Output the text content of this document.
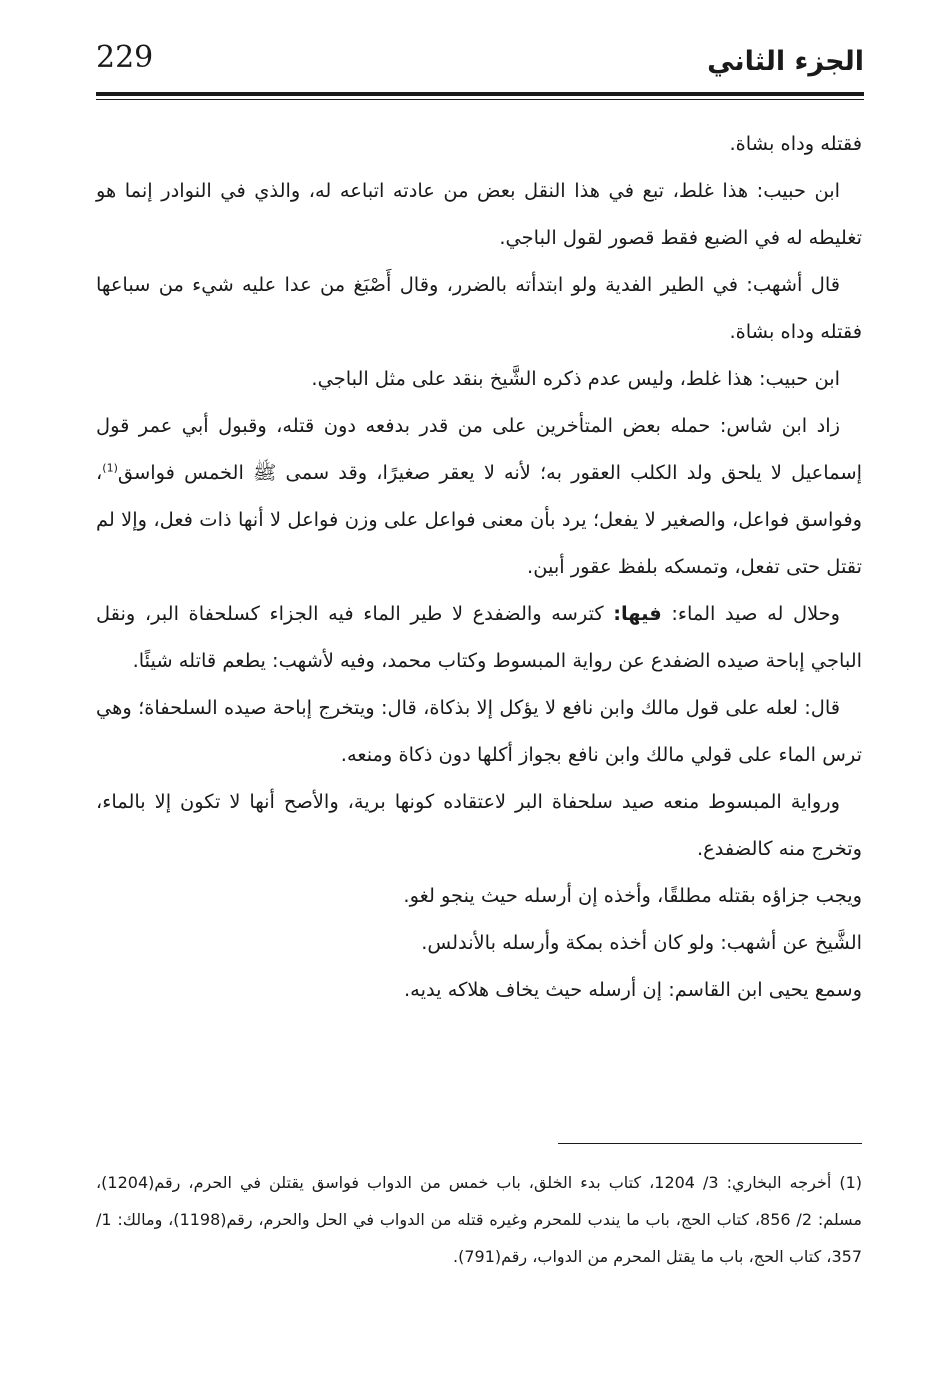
229	الجزء الثاني

فقتله وداه بشاة.

ابن حبيب: هذا غلط، تبع في هذا النقل بعض من عادته اتباعه له، والذي في النوادر إنما هو تغليطه له في الضبع فقط قصور لقول الباجي.

قال أشهب: في الطير الفدية ولو ابتدأته بالضرر، وقال أَصْبَغ من عدا عليه شيء من سباعها فقتله وداه بشاة.

ابن حبيب: هذا غلط، وليس عدم ذكره الشَّيخ بنقد على مثل الباجي.

زاد ابن شاس: حمله بعض المتأخرين على من قدر بدفعه دون قتله، وقبول أبي عمر قول إسماعيل لا يلحق ولد الكلب العقور به؛ لأنه لا يعقر صغيرًا، وقد سمى ﷺ الخمس فواسق$^{(1)}$، وفواسق فواعل، والصغير لا يفعل؛ يرد بأن معنى فواعل على وزن فواعل لا أنها ذات فعل، وإلا لم تقتل حتى تفعل، وتمسكه بلفظ عقور أبين.

وحلال له صيد الماء: فيها: كترسه والضفدع لا طير الماء فيه الجزاء كسلحفاة البر، ونقل الباجي إباحة صيده الضفدع عن رواية المبسوط وكتاب محمد، وفيه لأشهب: يطعم قاتله شيئًا.

قال: لعله على قول مالك وابن نافع لا يؤكل إلا بذكاة، قال: ويتخرج إباحة صيده السلحفاة؛ وهي ترس الماء على قولي مالك وابن نافع بجواز أكلها دون ذكاة ومنعه.

ورواية المبسوط منعه صيد سلحفاة البر لاعتقاده كونها برية، والأصح أنها لا تكون إلا بالماء، وتخرج منه كالضفدع.

ويجب جزاؤه بقتله مطلقًا، وأخذه إن أرسله حيث ينجو لغو.

الشَّيخ عن أشهب: ولو كان أخذه بمكة وأرسله بالأندلس.

وسمع يحيى ابن القاسم: إن أرسله حيث يخاف هلاكه يديه.

(1) أخرجه البخاري: 3/ 1204، كتاب بدء الخلق، باب خمس من الدواب فواسق يقتلن في الحرم، رقم(1204)، مسلم: 2/ 856، كتاب الحج، باب ما يندب للمحرم وغيره قتله من الدواب في الحل والحرم، رقم(1198)، ومالك: 1/ 357، كتاب الحج، باب ما يقتل المحرم من الدواب، رقم(791).
